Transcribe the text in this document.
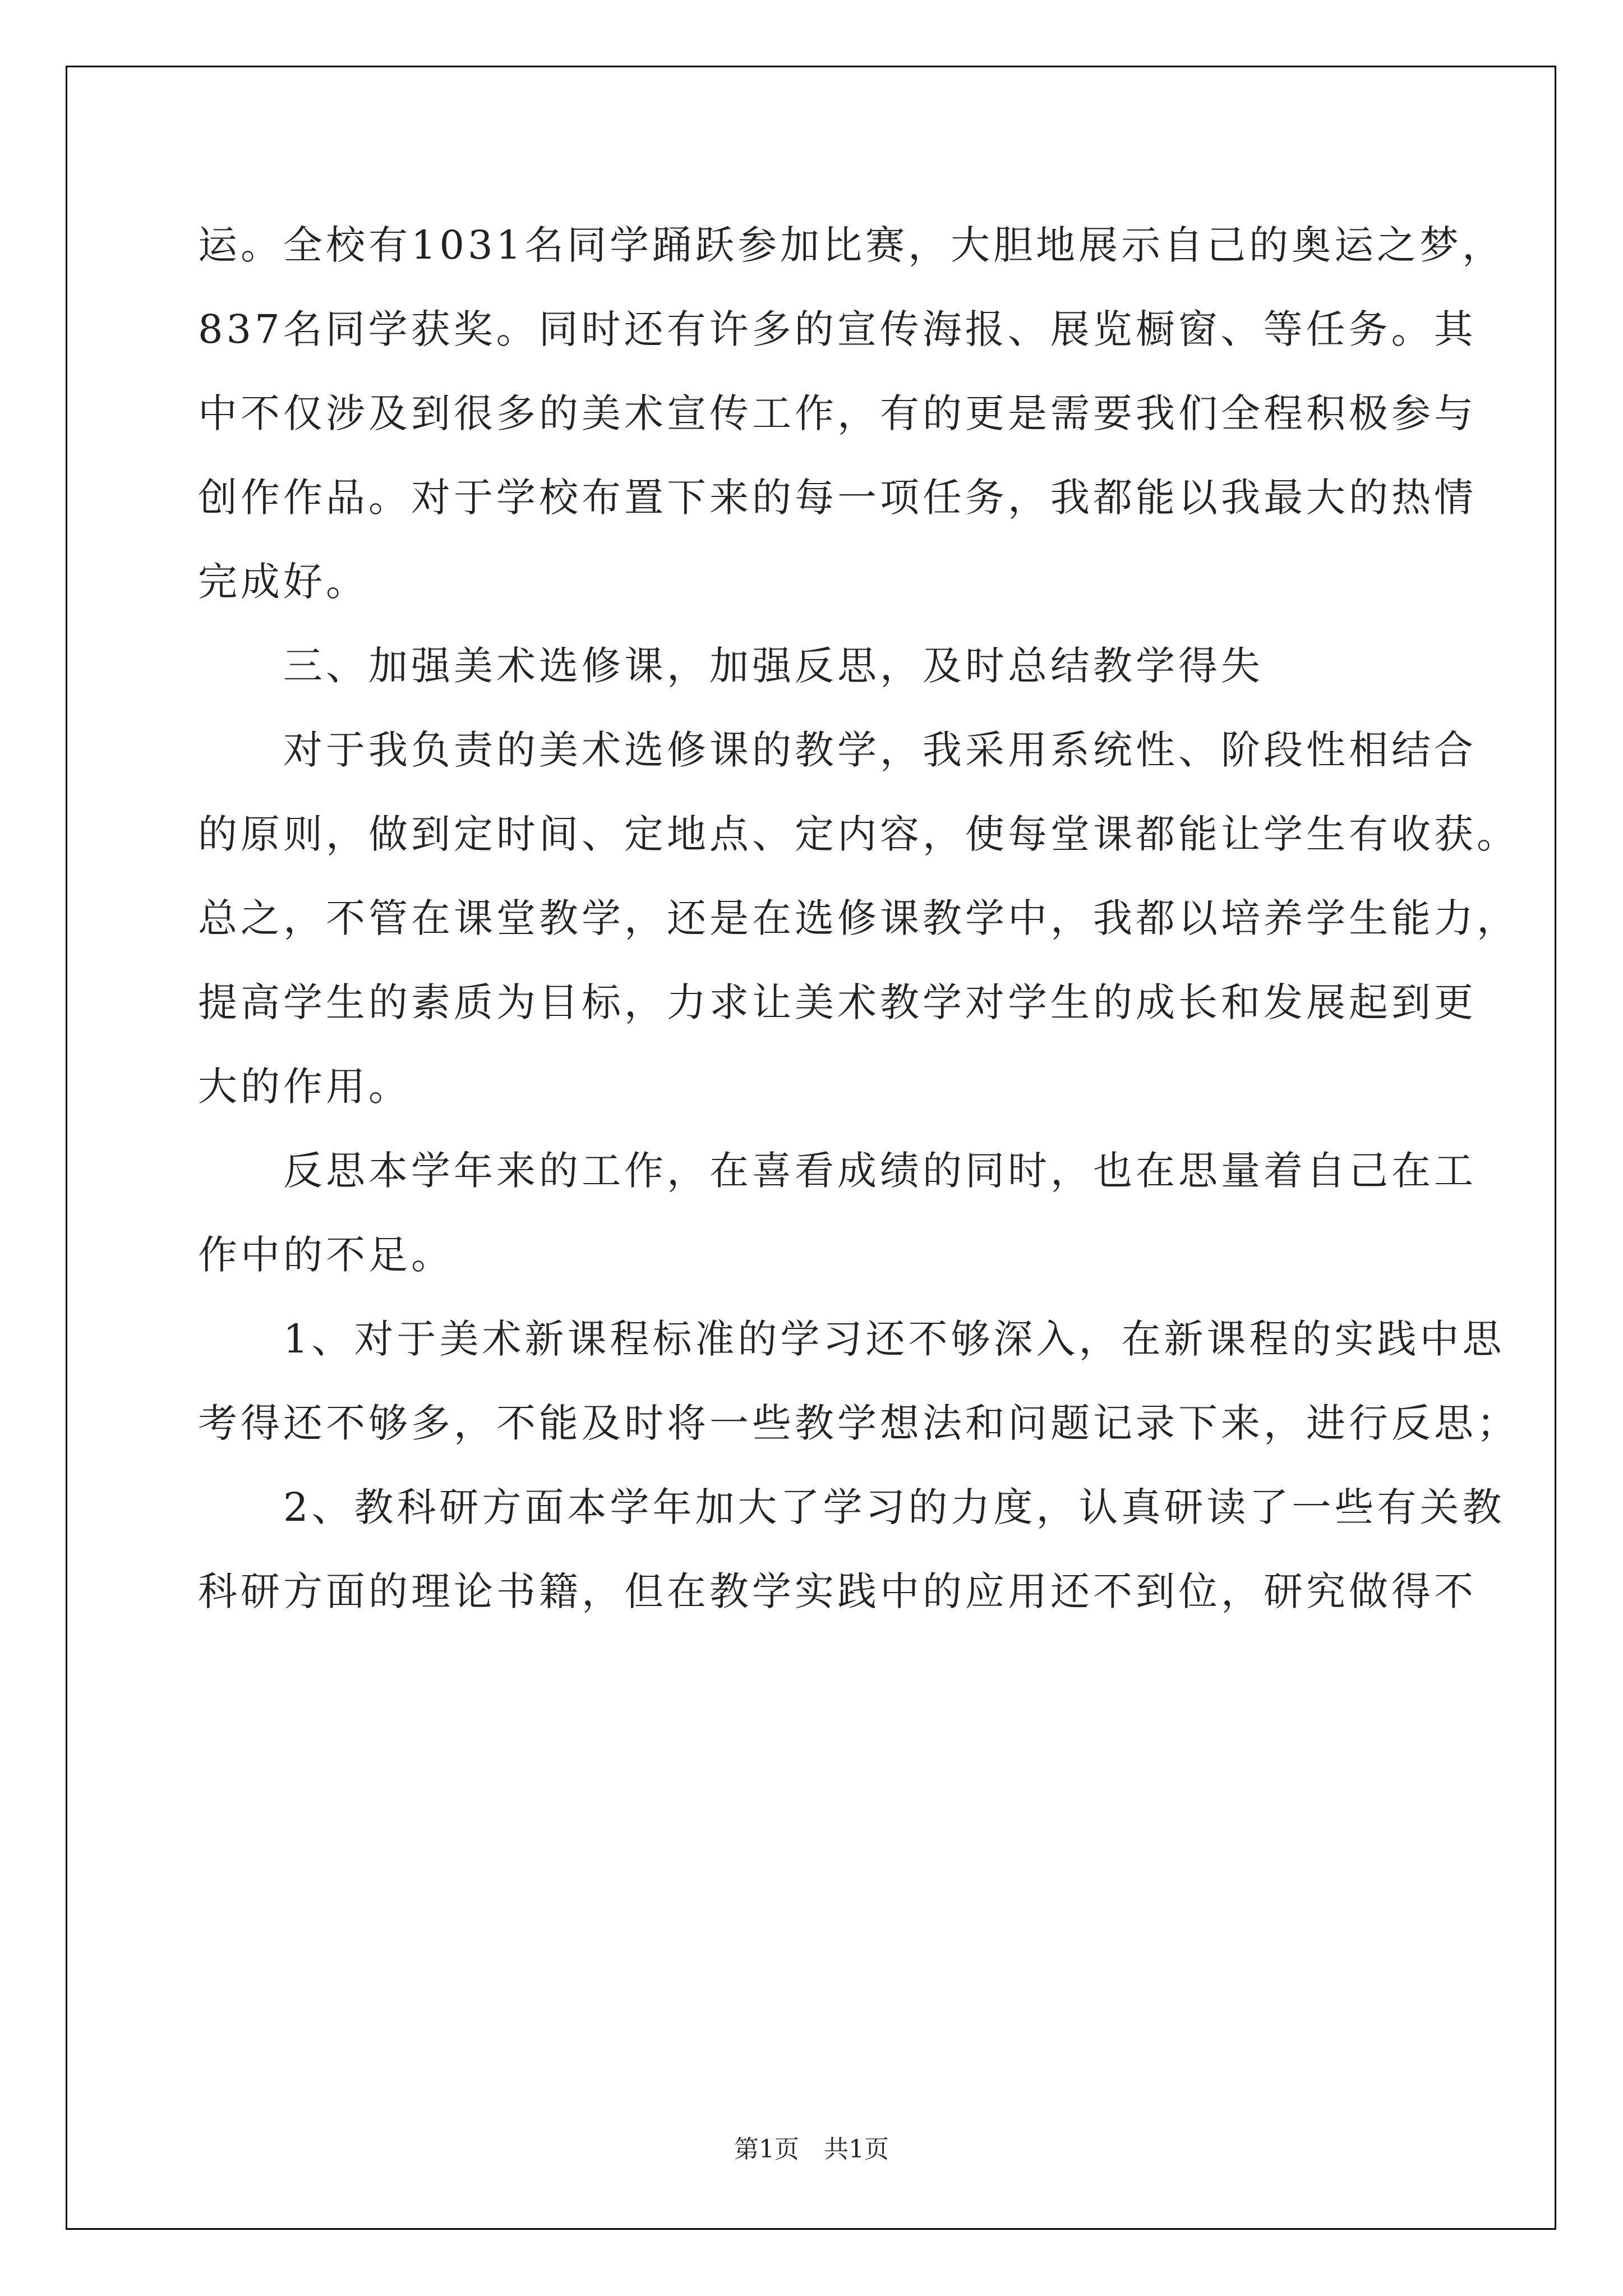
运。全校有1031名同学踊跃参加比赛，大胆地展示自己的奥运之梦，
837名同学获奖。同时还有许多的宣传海报、展览橱窗、等任务。其
中不仅涉及到很多的美术宣传工作，有的更是需要我们全程积极参与
创作作品。对于学校布置下来的每一项任务，我都能以我最大的热情
完成好。
　　三、加强美术选修课，加强反思，及时总结教学得失
　　对于我负责的美术选修课的教学，我采用系统性、阶段性相结合
的原则，做到定时间、定地点、定内容，使每堂课都能让学生有收获。
总之，不管在课堂教学，还是在选修课教学中，我都以培养学生能力，
提高学生的素质为目标，力求让美术教学对学生的成长和发展起到更
大的作用。
　　反思本学年来的工作，在喜看成绩的同时，也在思量着自己在工
作中的不足。
　　1、对于美术新课程标准的学习还不够深入，在新课程的实践中思
考得还不够多，不能及时将一些教学想法和问题记录下来，进行反思；
　　2、教科研方面本学年加大了学习的力度，认真研读了一些有关教
科研方面的理论书籍，但在教学实践中的应用还不到位，研究做得不
第1页　共1页
